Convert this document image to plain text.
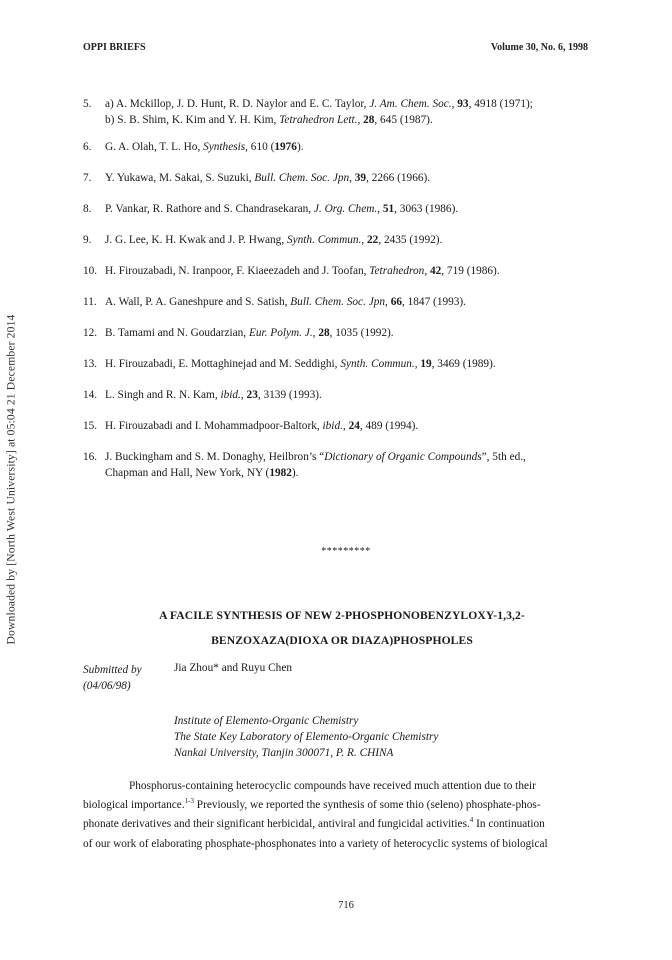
Downloaded by [North West University] at 05:04 21 December 2014
OPPI BRIEFS	Volume 30, No. 6, 1998
5.	a) A. Mckillop, J. D. Hunt, R. D. Naylor and E. C. Taylor, J. Am. Chem. Soc., 93, 4918 (1971);
b) S. B. Shim, K. Kim and Y. H. Kim, Tetrahedron Lett., 28, 645 (1987).
6.	G. A. Olah, T. L. Ho, Synthesis, 610 (1976).
7.	Y. Yukawa, M. Sakai, S. Suzuki, Bull. Chem. Soc. Jpn, 39, 2266 (1966).
8.	P. Vankar, R. Rathore and S. Chandrasekaran, J. Org. Chem., 51, 3063 (1986).
9.	J. G. Lee, K. H. Kwak and J. P. Hwang, Synth. Commun., 22, 2435 (1992).
10. H. Firouzabadi, N. Iranpoor, F. Kiaeezadeh and J. Toofan, Tetrahedron, 42, 719 (1986).
11. A. Wall, P. A. Ganeshpure and S. Satish, Bull. Chem. Soc. Jpn, 66, 1847 (1993).
12. B. Tamami and N. Goudarzian, Eur. Polym. J., 28, 1035 (1992).
13. H. Firouzabadi, E. Mottaghinejad and M. Seddighi, Synth. Commun., 19, 3469 (1989).
14. L. Singh and R. N. Kam, ibid., 23, 3139 (1993).
15. H. Firouzabadi and I. Mohammadpoor-Baltork, ibid., 24, 489 (1994).
16. J. Buckingham and S. M. Donaghy, Heilbron’s “Dictionary of Organic Compounds”, 5th ed.,
Chapman and Hall, New York, NY (1982).
*********
A FACILE SYNTHESIS OF NEW 2-PHOSPHONOBENZYLOXY-1,3,2-
BENZOXAZA(DIOXA OR DIAZA)PHOSPHOLES
Submitted by
(04/06/98)
Jia Zhou* and Ruyu Chen
Institute of Elemento-Organic Chemistry
The State Key Laboratory of Elemento-Organic Chemistry
Nankai University, Tianjin 300071, P. R. CHINA
Phosphorus-containing heterocyclic compounds have received much attention due to their
biological importance.$^{1-3}$ Previously, we reported the synthesis of some thio (seleno) phosphate-phos-
phonate derivatives and their significant herbicidal, antiviral and fungicidal activities.$^4$ In continuation
of our work of elaborating phosphate-phosphonates into a variety of heterocyclic systems of biological
716
